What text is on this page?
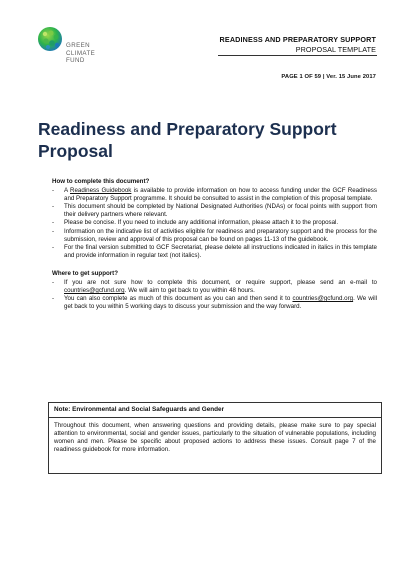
GREEN
CLIMATE
FUND
READINESS AND PREPARATORY SUPPORT
PROPOSAL TEMPLATE
PAGE 1 OF 59 | Ver. 15 June 2017
Readiness and Preparatory Support
Proposal

How to complete this document?

- A Readiness Guidebook is available to provide information on how to access funding under the GCF Readiness and Preparatory Support programme. It should be consulted to assist in the completion of this proposal template.
- This document should be completed by National Designated Authorities (NDAs) or focal points with support from their delivery partners where relevant.
- Please be concise. If you need to include any additional information, please attach it to the proposal.
- Information on the indicative list of activities eligible for readiness and preparatory support and the process for the submission, review and approval of this proposal can be found on pages 11-13 of the guidebook.
- For the final version submitted to GCF Secretariat, please delete all instructions indicated in italics in this template and provide information in regular text (not italics).

Where to get support?

- If you are not sure how to complete this document, or require support, please send an e-mail to countries@gcfund.org. We will aim to get back to you within 48 hours.
- You can also complete as much of this document as you can and then send it to countries@gcfund.org. We will get back to you within 5 working days to discuss your submission and the way forward.
Note: Environmental and Social Safeguards and Gender
Throughout this document, when answering questions and providing details, please make sure to pay special attention to environmental, social and gender issues, particularly to the situation of vulnerable populations, including women and men. Please be specific about proposed actions to address these issues. Consult page 7 of the readiness guidebook for more information.
